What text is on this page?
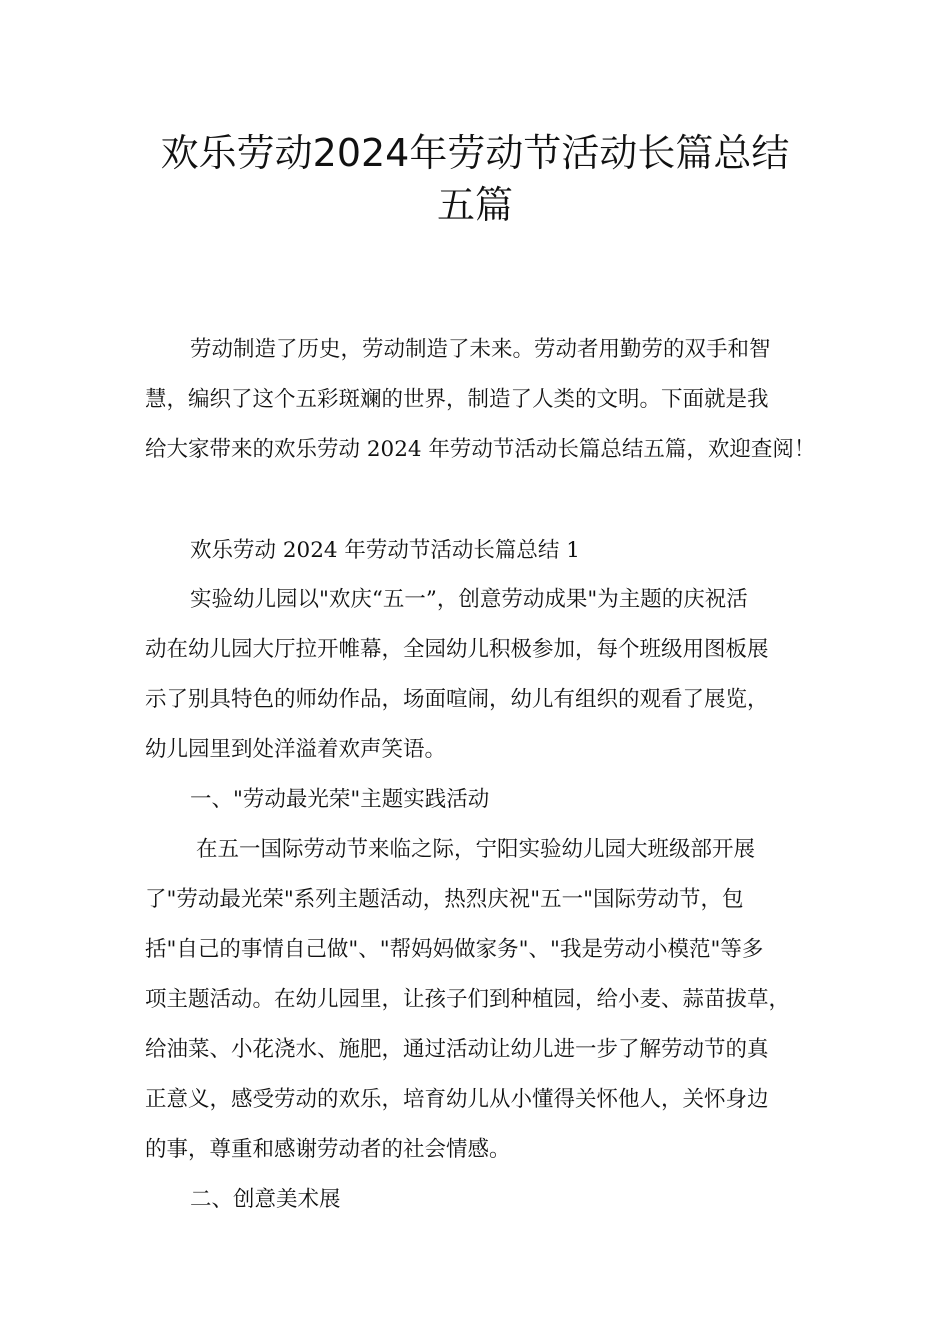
欢乐劳动2024年劳动节活动长篇总结
五篇

劳动制造了历史，劳动制造了未来。劳动者用勤劳的双手和智

慧，编织了这个五彩斑斓的世界，制造了人类的文明。下面就是我

给大家带来的欢乐劳动 2024 年劳动节活动长篇总结五篇，欢迎查阅！

欢乐劳动 2024 年劳动节活动长篇总结 1

实验幼儿园以"欢庆“五一”，创意劳动成果"为主题的庆祝活

动在幼儿园大厅拉开帷幕，全园幼儿积极参加，每个班级用图板展

示了别具特色的师幼作品，场面喧闹，幼儿有组织的观看了展览，

幼儿园里到处洋溢着欢声笑语。

一、"劳动最光荣"主题实践活动

在五一国际劳动节来临之际，宁阳实验幼儿园大班级部开展

了"劳动最光荣"系列主题活动，热烈庆祝"五一"国际劳动节，包

括"自己的事情自己做"、"帮妈妈做家务"、"我是劳动小模范"等多

项主题活动。在幼儿园里，让孩子们到种植园，给小麦、蒜苗拔草，

给油菜、小花浇水、施肥，通过活动让幼儿进一步了解劳动节的真

正意义，感受劳动的欢乐，培育幼儿从小懂得关怀他人，关怀身边

的事，尊重和感谢劳动者的社会情感。

二、创意美术展
